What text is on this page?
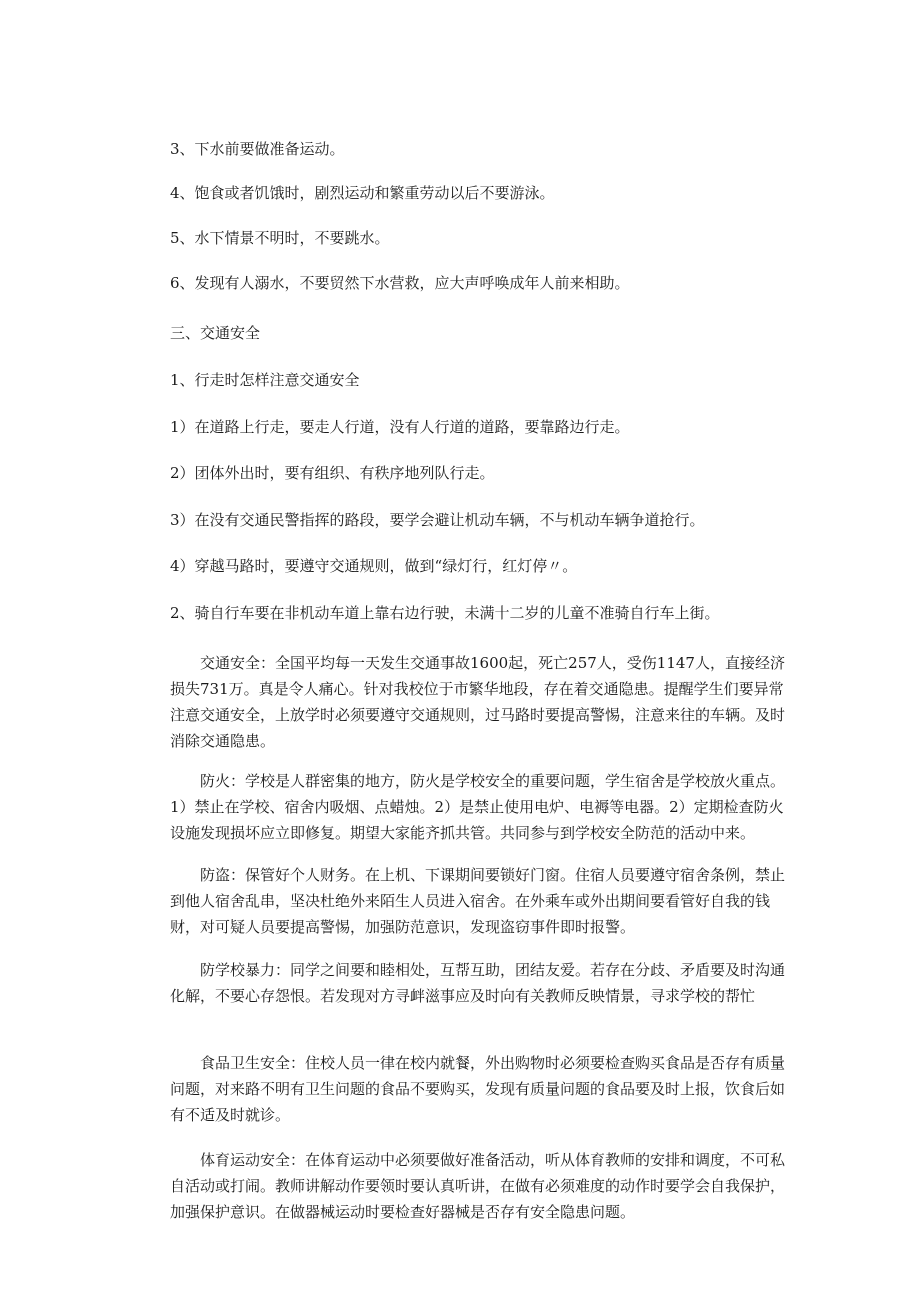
3、下水前要做准备运动。

4、饱食或者饥饿时，剧烈运动和繁重劳动以后不要游泳。

5、水下情景不明时，不要跳水。

6、发现有人溺水，不要贸然下水营救，应大声呼唤成年人前来相助。

三、交通安全

1、行走时怎样注意交通安全

1）在道路上行走，要走人行道，没有人行道的道路，要靠路边行走。

2）团体外出时，要有组织、有秩序地列队行走。

3）在没有交通民警指挥的路段，要学会避让机动车辆，不与机动车辆争道抢行。

4）穿越马路时，要遵守交通规则，做到“绿灯行，红灯停〃。

2、骑自行车要在非机动车道上靠右边行驶，未满十二岁的儿童不准骑自行车上街。

交通安全：全国平均每一天发生交通事故1600起，死亡257人，受伤1147人，直接经济损失731万。真是令人痛心。针对我校位于市繁华地段，存在着交通隐患。提醒学生们要异常注意交通安全，上放学时必须要遵守交通规则，过马路时要提高警惕，注意来往的车辆。及时消除交通隐患。

防火：学校是人群密集的地方，防火是学校安全的重要问题，学生宿舍是学校放火重点。1）禁止在学校、宿舍内吸烟、点蜡烛。2）是禁止使用电炉、电褥等电器。2）定期检查防火设施发现损坏应立即修复。期望大家能齐抓共管。共同参与到学校安全防范的活动中来。

防盗：保管好个人财务。在上机、下课期间要锁好门窗。住宿人员要遵守宿舍条例，禁止到他人宿舍乱串，坚决杜绝外来陌生人员进入宿舍。在外乘车或外出期间要看管好自我的钱财，对可疑人员要提高警惕，加强防范意识，发现盗窃事件即时报警。

防学校暴力：同学之间要和睦相处，互帮互助，团结友爱。若存在分歧、矛盾要及时沟通化解，不要心存怨恨。若发现对方寻衅滋事应及时向有关教师反映情景，寻求学校的帮忙

食品卫生安全：住校人员一律在校内就餐，外出购物时必须要检查购买食品是否存有质量问题，对来路不明有卫生问题的食品不要购买，发现有质量问题的食品要及时上报，饮食后如有不适及时就诊。

体育运动安全：在体育运动中必须要做好准备活动，听从体育教师的安排和调度，不可私自活动或打闹。教师讲解动作要领时要认真听讲，在做有必须难度的动作时要学会自我保护，加强保护意识。在做器械运动时要检查好器械是否存有安全隐患问题。
